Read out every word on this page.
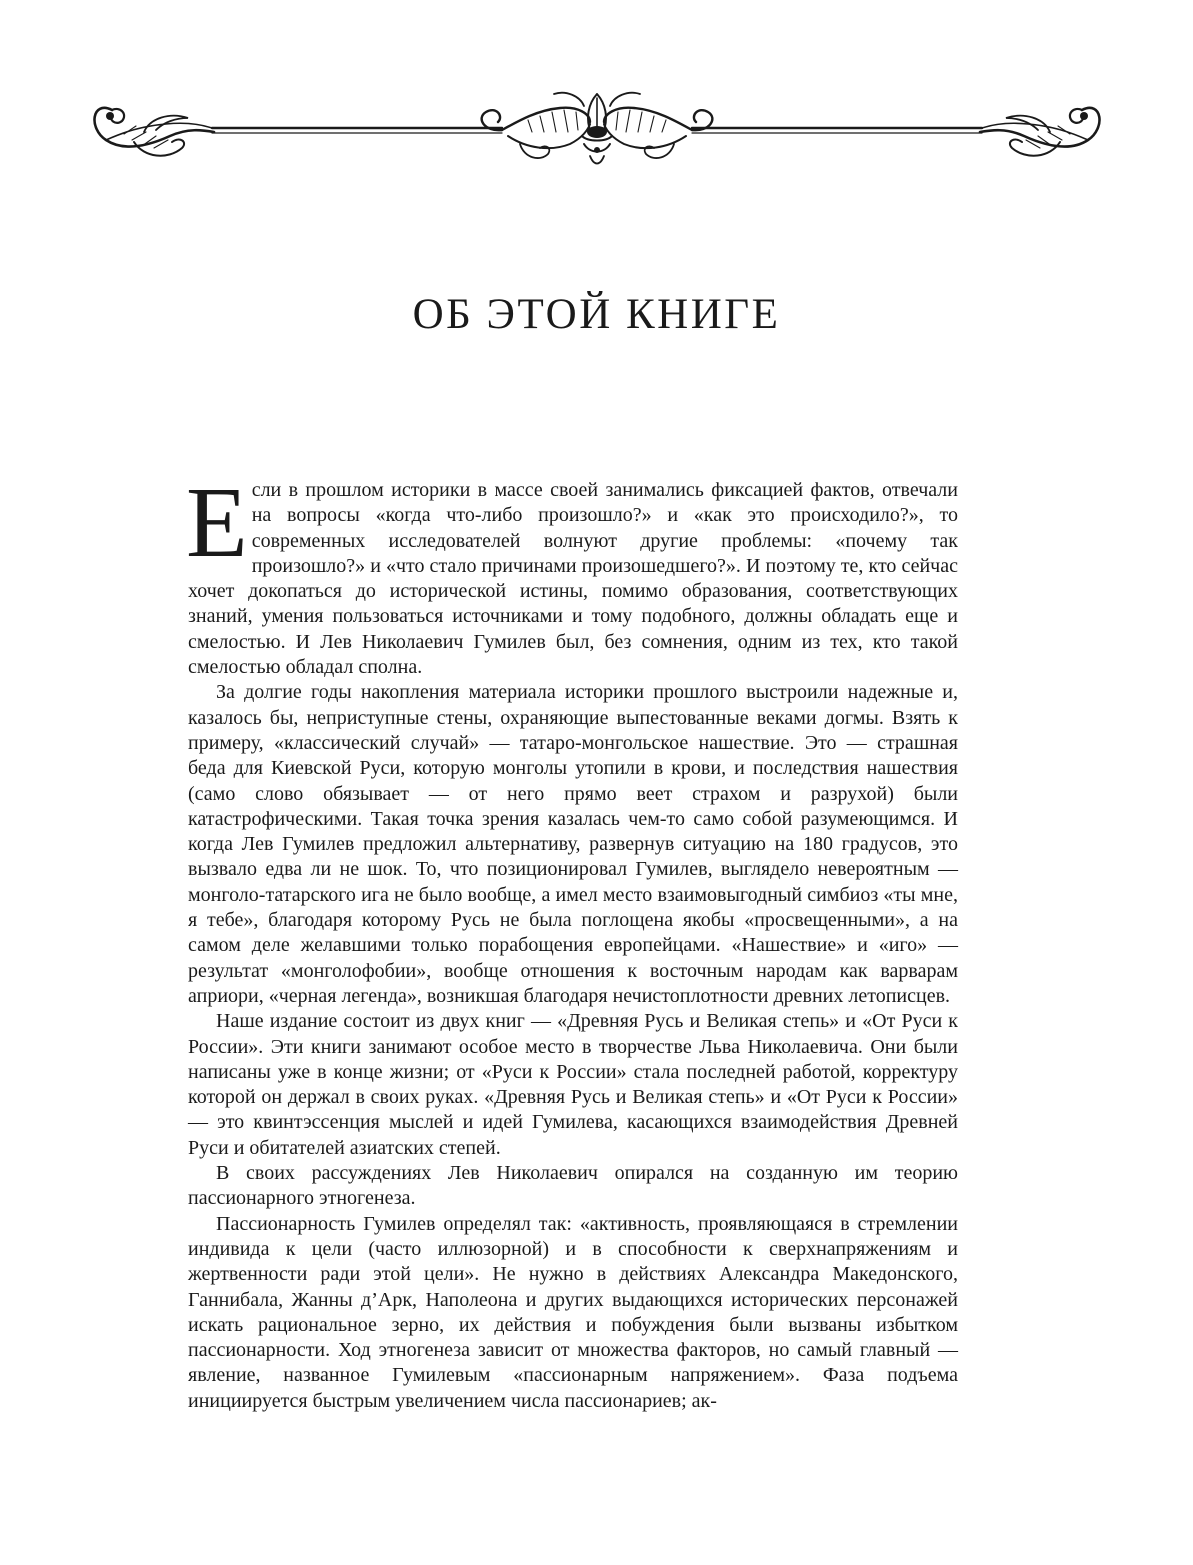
ОБ ЭТОЙ КНИГЕ

Если в прошлом историки в массе своей занимались фиксацией фактов, отвечали на вопросы «когда что-либо произошло?» и «как это происходило?», то современных исследователей волнуют другие проблемы: «почему так произошло?» и «что стало причинами произошедшего?». И поэтому те, кто сейчас хочет докопаться до исторической истины, помимо образования, соответствующих знаний, умения пользоваться источниками и тому подобного, должны обладать еще и смелостью. И Лев Николаевич Гумилев был, без сомнения, одним из тех, кто такой смелостью обладал сполна.

За долгие годы накопления материала историки прошлого выстроили надежные и, казалось бы, неприступные стены, охраняющие выпестованные веками догмы. Взять к примеру, «классический случай» — татаро-монгольское нашествие. Это — страшная беда для Киевской Руси, которую монголы утопили в крови, и последствия нашествия (само слово обязывает — от него прямо веет страхом и разрухой) были катастрофическими. Такая точка зрения казалась чем-то само собой разумеющимся. И когда Лев Гумилев предложил альтернативу, развернув ситуацию на 180 градусов, это вызвало едва ли не шок. То, что позиционировал Гумилев, выглядело невероятным — монголо-татарского ига не было вообще, а имел место взаимовыгодный симбиоз «ты мне, я тебе», благодаря которому Русь не была поглощена якобы «просвещенными», а на самом деле желавшими только порабощения европейцами. «Нашествие» и «иго» — результат «монголофобии», вообще отношения к восточным народам как варварам априори, «черная легенда», возникшая благодаря нечистоплотности древних летописцев.

Наше издание состоит из двух книг — «Древняя Русь и Великая степь» и «От Руси к России». Эти книги занимают особое место в творчестве Льва Николаевича. Они были написаны уже в конце жизни; от «Руси к России» стала последней работой, корректуру которой он держал в своих руках. «Древняя Русь и Великая степь» и «От Руси к России» — это квинтэссенция мыслей и идей Гумилева, касающихся взаимодействия Древней Руси и обитателей азиатских степей.

В своих рассуждениях Лев Николаевич опирался на созданную им теорию пассионарного этногенеза.

Пассионарность Гумилев определял так: «активность, проявляющаяся в стремлении индивида к цели (часто иллюзорной) и в способности к сверхнапряжениям и жертвенности ради этой цели». Не нужно в действиях Александра Македонского, Ганнибала, Жанны д’Арк, Наполеона и других выдающихся исторических персонажей искать рациональное зерно, их действия и побуждения были вызваны избытком пассионарности. Ход этногенеза зависит от множества факторов, но самый главный — явление, названное Гумилевым «пассионарным напряжением». Фаза подъема инициируется быстрым увеличением числа пассионариев; ак-
